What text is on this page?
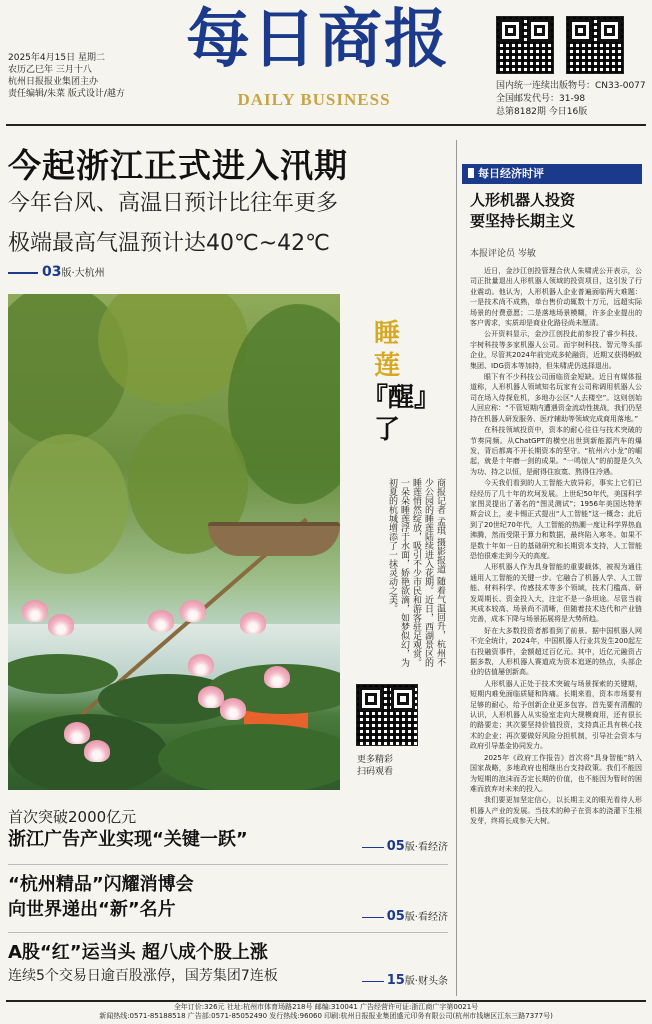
2025年4月15日 星期二
农历乙巳年 三月十八
杭州日报报业集团主办
责任编辑/朱菜 版式设计/越方
每日商报
DAILY BUSINESS
国内统一连续出版物号：CN33-0077
全国邮发代号：31-98
总第8182期 今日16版
今起浙江正式进入汛期
今年台风、高温日预计比往年更多
极端最高气温预计达40℃~42℃
03版·大杭州
睡莲
『醒』了
商报记者 孟琪 摄影报道 随着气温回升，杭州不少公园的睡莲陆续进入花期。近日，西湖景区的睡莲悄然绽放，吸引不少市民和游客驻足观赏。一朵朵睡莲浮于水面，娇艳欲滴，如梦似幻，为初夏的杭城增添了一抹灵动之美。
更多精彩
扫码观看
首次突破2000亿元
浙江广告产业实现“关键一跃”	05版·看经济
“杭州精品”闪耀消博会
向世界递出“新”名片	05版·看经济
A股“红”运当头 超八成个股上涨
连续5个交易日逾百股涨停，国芳集团7连板	15版·财头条
每日经济时评
人形机器人投资
要坚持长期主义
本报评论员 岑敏

近日，金沙江创投管理合伙人朱啸虎公开表示，公司正批量退出人形机器人领域的投资项目，这引发了行业震动。他认为，人形机器人企业普遍面临两大难题：一是技术尚不成熟，单台售价动辄数十万元，远超实际场景的付费意愿；二是落地场景模糊，许多企业提出的客户需求，实质却是商业化路径尚未厘清。

公开资料显示，金沙江创投此前参投了睿少科技、宇树科技等多家机器人公司。而宇树科技、智元等头部企业，尽管其2024年前完成多轮融资，近期又获得蚂蚁集团、IDG资本等加持，但朱啸虎仍选择退出。

眼下有不少科技公司面临资金短缺。近日有媒体报道称，人形机器人领域知名玩家有公司称调用机器人公司在场入侍探危机，多地办公区“人去楼空”。这则创始人回应称：“不管短期内遭遇资金流动性挑战，我们仍坚持在机器人研发服务、医疗辅助等领域完成商用落地。”

在科技领域投资中，资本的耐心往往与技术突破的节奏同频。从ChatGPT的横空出世到新能源汽车的爆发，背后都离不开长期资本的坚守。“杭州六小龙”的崛起，就是十年磨一剑的成果。“一鸣惊人”的前提是久久为功、持之以恒，是耐得住寂寞、熬得住冷遇。

今天我们看到的人工智能大放异彩，事实上它们已经经历了几十年的坎坷发展。上世纪50年代，美国科学家图灵提出了著名的“图灵测试”；1956年美国达特茅斯会议上，麦卡锡正式提出“人工智能”这一概念；此后到了20世纪70年代，人工智能的热潮一度让科学界热血沸腾，然而受限于算力和数据，最终陷入寒冬。如果不是数十年如一日的基础研究和长期资本支持，人工智能恐怕很难走到今天的高度。

人形机器人作为具身智能的重要载体，被视为通往通用人工智能的关键一步。它融合了机器人学、人工智能、材料科学、传感技术等多个领域，技术门槛高、研发周期长、资金投入大，注定不是一条坦途。尽管当前其成本较高、场景尚不清晰，但随着技术迭代和产业链完善，成本下降与场景拓展将是大势所趋。

好在大多数投资者都看到了前景。据中国机器人网不完全统计，2024年，中国机器人行业共发生200起左右投融资事件，金额超过百亿元。其中，近亿元融资占据多数，人形机器人赛道成为资本追逐的热点，头部企业的估值屡创新高。

人形机器人正处于技术突破与场景探索的关键期，短期内难免面临质疑和阵痛。长期来看，资本市场要有足够的耐心，给予创新企业更多包容。首先要有清醒的认识，人形机器人从实验室走向大规模商用，还有很长的路要走；其次要坚持价值投资，支持真正具有核心技术的企业；再次要做好风险分担机制，引导社会资本与政府引导基金协同发力。

2025年《政府工作报告》首次将“具身智能”纳入国家战略，多地政府也相继出台支持政策。我们不能因为短期的泡沫而否定长期的价值，也不能因为暂时的困难而放弃对未来的投入。

我们要更加坚定信心，以长期主义的眼光看待人形机器人产业的发展。当技术的种子在资本的浇灌下生根发芽，终将长成参天大树。

全年订价:326元 社址:杭州市体育场路218号 邮编:310041 广告经营许可证:浙江商广字第0021号
新闻热线:0571-85188518 广告部:0571-85052490 发行热线:96060 印刷:杭州日报报业集团盛元印务有限公司(杭州市钱塘区江东三路7377号)
